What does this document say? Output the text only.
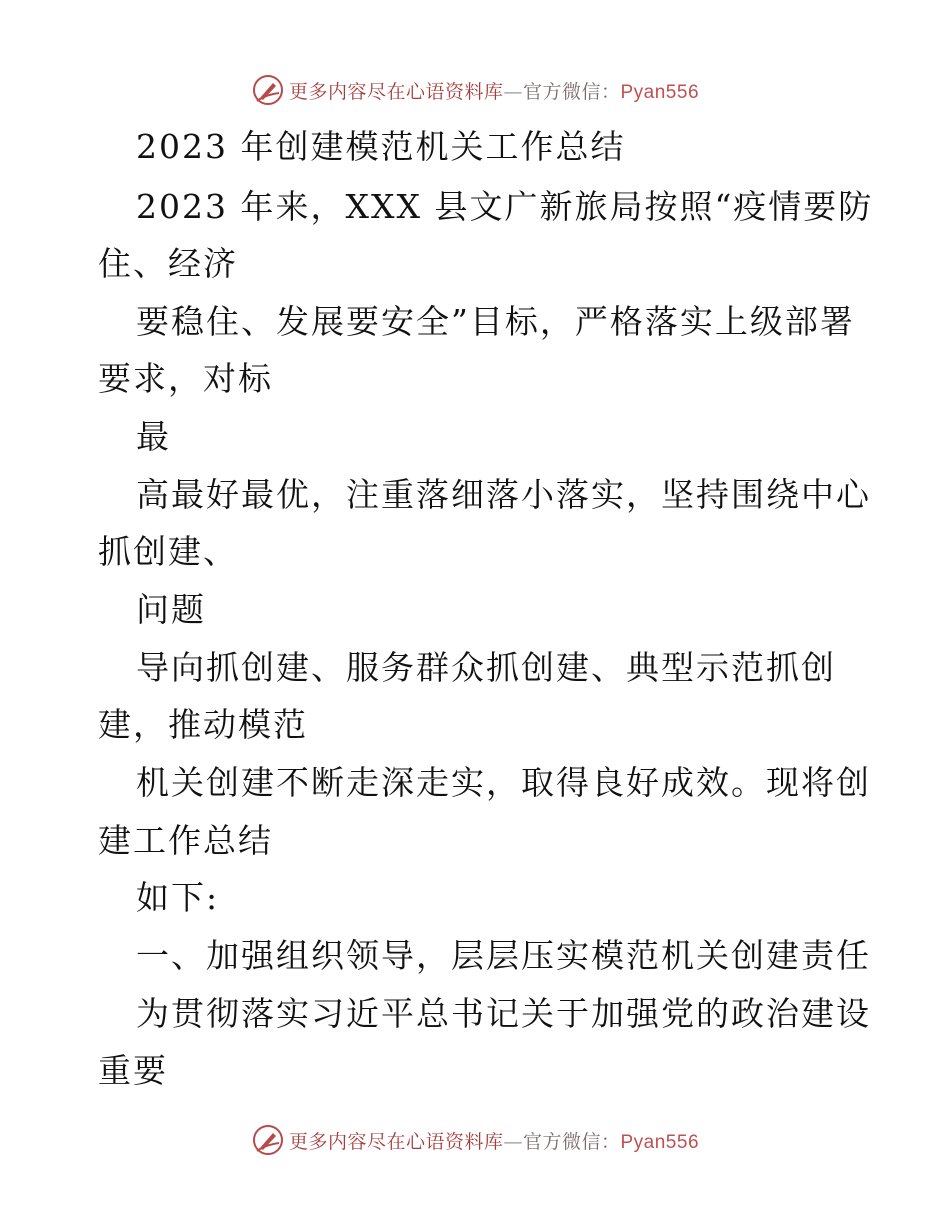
更多内容尽在心语资料库—官方微信：Pyan556
2023 年创建模范机关工作总结
2023 年来，XXX 县文广新旅局按照“疫情要防
住、经济
要稳住、发展要安全”目标，严格落实上级部署
要求，对标
最
高最好最优，注重落细落小落实，坚持围绕中心
抓创建、
问题
导向抓创建、服务群众抓创建、典型示范抓创
建，推动模范
机关创建不断走深走实，取得良好成效。现将创
建工作总结
如下:
一、加强组织领导，层层压实模范机关创建责任
为贯彻落实习近平总书记关于加强党的政治建设
重要
更多内容尽在心语资料库—官方微信：Pyan556
